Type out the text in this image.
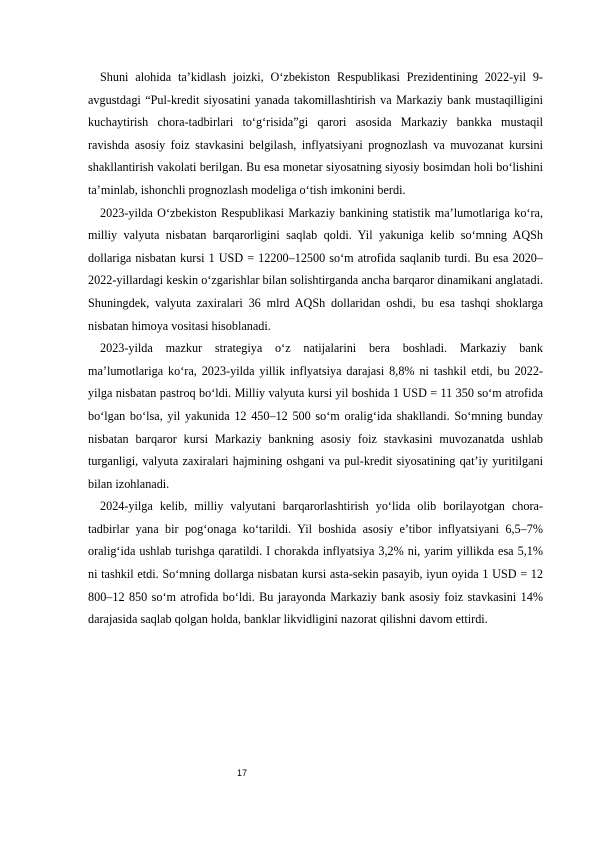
Shuni alohida ta’kidlash joizki, O‘zbekiston Respublikasi Prezidentining 2022-yil 9-avgustdagi “Pul-kredit siyosatini yanada takomillashtirish va Markaziy bank mustaqilligini kuchaytirish chora-tadbirlari to‘g‘risida”gi qarori asosida Markaziy bankka mustaqil ravishda asosiy foiz stavkasini belgilash, inflyatsiyani prognozlash va muvozanat kursini shakllantirish vakolati berilgan. Bu esa monetar siyosatning siyosiy bosimdan holi bo‘lishini ta’minlab, ishonchli prognozlash modeliga o‘tish imkonini berdi.

2023-yilda O‘zbekiston Respublikasi Markaziy bankining statistik ma’lumotlariga ko‘ra, milliy valyuta nisbatan barqarorligini saqlab qoldi. Yil yakuniga kelib so‘mning AQSh dollariga nisbatan kursi 1 USD = 12200–12500 so‘m atrofida saqlanib turdi. Bu esa 2020–2022-yillardagi keskin o‘zgarishlar bilan solishtirganda ancha barqaror dinamikani anglatadi. Shuningdek, valyuta zaxiralari 36 mlrd AQSh dollaridan oshdi, bu esa tashqi shoklarga nisbatan himoya vositasi hisoblanadi.

2023-yilda mazkur strategiya o‘z natijalarini bera boshladi. Markaziy bank ma’lumotlariga ko‘ra, 2023-yilda yillik inflyatsiya darajasi 8,8% ni tashkil etdi, bu 2022-yilga nisbatan pastroq bo‘ldi. Milliy valyuta kursi yil boshida 1 USD = 11 350 so‘m atrofida bo‘lgan bo‘lsa, yil yakunida 12 450–12 500 so‘m oralig‘ida shakllandi. So‘mning bunday nisbatan barqaror kursi Markaziy bankning asosiy foiz stavkasini muvozanatda ushlab turganligi, valyuta zaxiralari hajmining oshgani va pul-kredit siyosatining qat’iy yuritilgani bilan izohlanadi.

2024-yilga kelib, milliy valyutani barqarorlashtirish yo‘lida olib borilayotgan chora-tadbirlar yana bir pog‘onaga ko‘tarildi. Yil boshida asosiy e’tibor inflyatsiyani 6,5–7% oralig‘ida ushlab turishga qaratildi. I chorakda inflyatsiya 3,2% ni, yarim yillikda esa 5,1% ni tashkil etdi. So‘mning dollarga nisbatan kursi asta-sekin pasayib, iyun oyida 1 USD = 12 800–12 850 so‘m atrofida bo‘ldi. Bu jarayonda Markaziy bank asosiy foiz stavkasini 14% darajasida saqlab qolgan holda, banklar likvidligini nazorat qilishni davom ettirdi.

17
